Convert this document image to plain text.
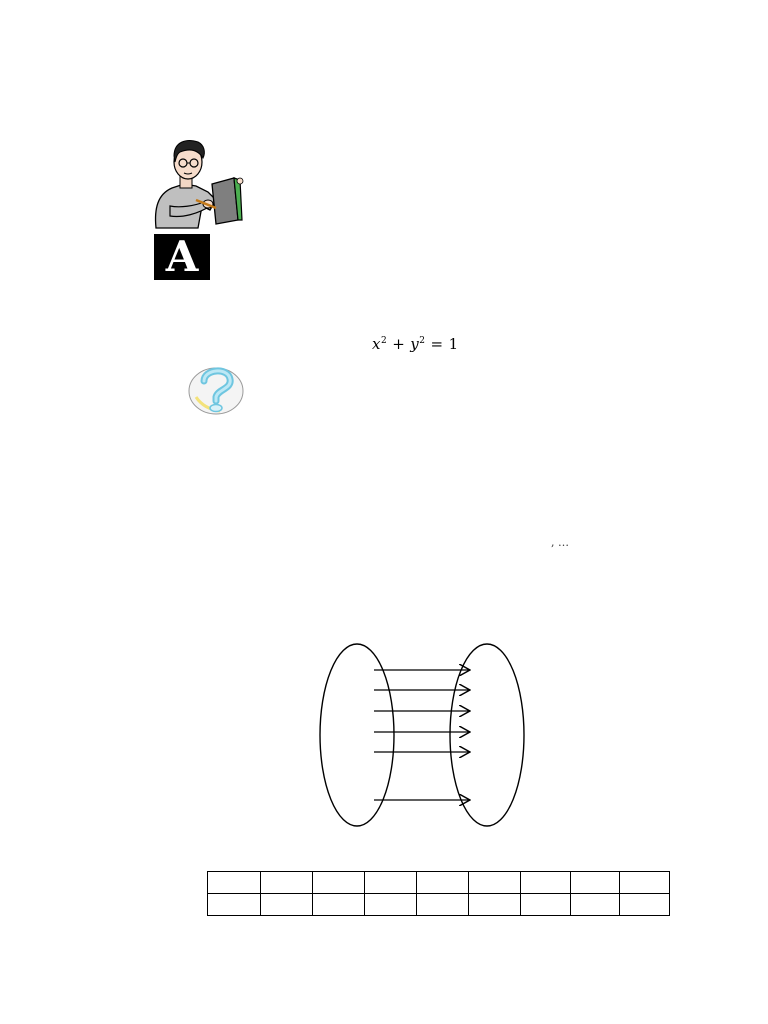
A
$x^2 + y^2 = 1$
, …
